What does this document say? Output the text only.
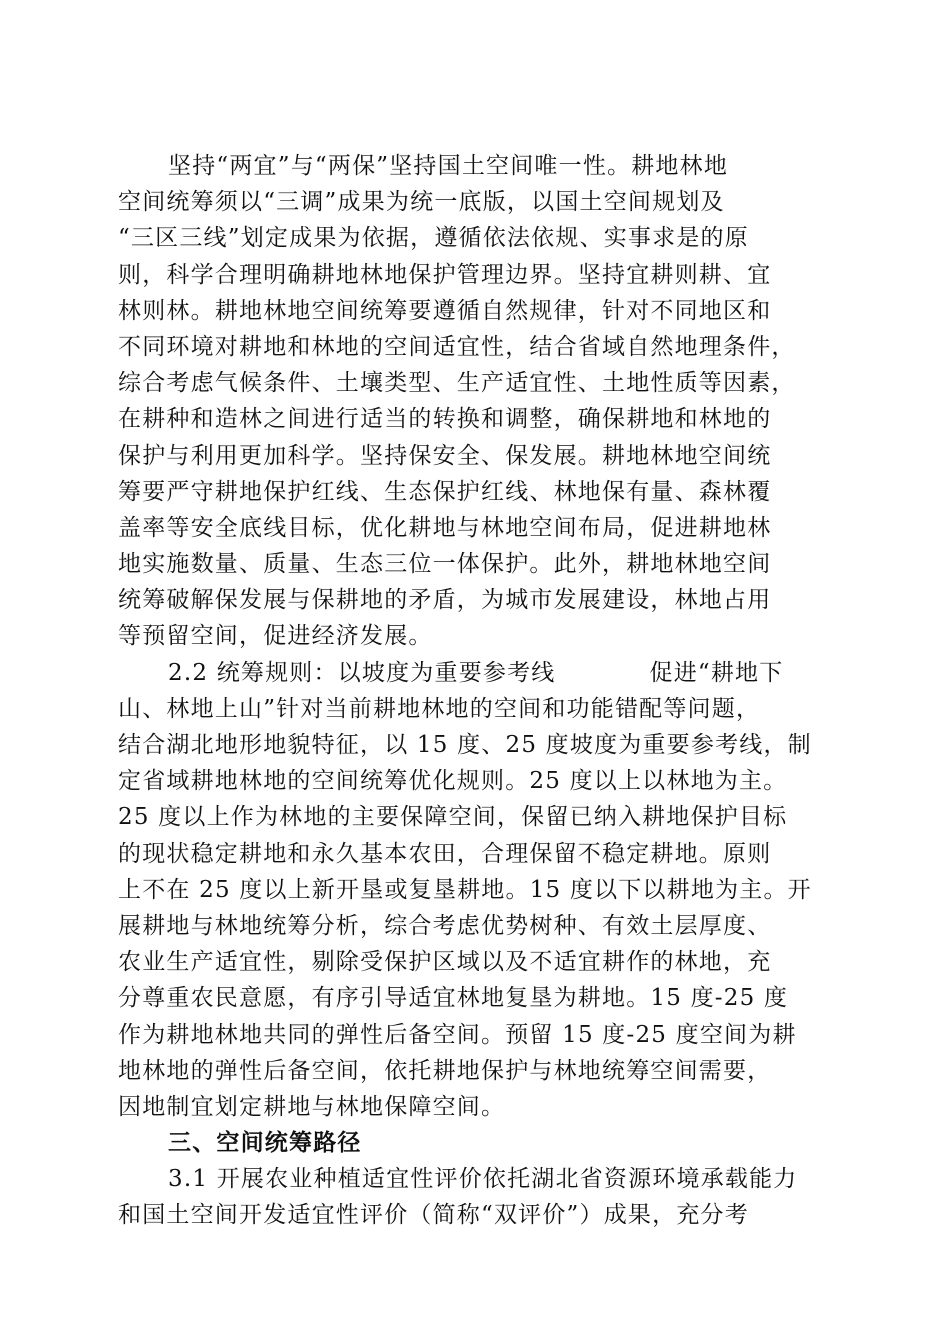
坚持“两宜”与“两保”坚持国土空间唯一性。耕地林地
空间统筹须以“三调”成果为统一底版，以国土空间规划及
“三区三线”划定成果为依据，遵循依法依规、实事求是的原
则，科学合理明确耕地林地保护管理边界。坚持宜耕则耕、宜
林则林。耕地林地空间统筹要遵循自然规律，针对不同地区和
不同环境对耕地和林地的空间适宜性，结合省域自然地理条件，
综合考虑气候条件、土壤类型、生产适宜性、土地性质等因素，
在耕种和造林之间进行适当的转换和调整，确保耕地和林地的
保护与利用更加科学。坚持保安全、保发展。耕地林地空间统
筹要严守耕地保护红线、生态保护红线、林地保有量、森林覆
盖率等安全底线目标，优化耕地与林地空间布局，促进耕地林
地实施数量、质量、生态三位一体保护。此外，耕地林地空间
统筹破解保发展与保耕地的矛盾，为城市发展建设，林地占用
等预留空间，促进经济发展。
2.2 统筹规则：以坡度为重要参考线	促进“耕地下
山、林地上山”针对当前耕地林地的空间和功能错配等问题，
结合湖北地形地貌特征，以 15 度、25 度坡度为重要参考线，制
定省域耕地林地的空间统筹优化规则。25 度以上以林地为主。
25 度以上作为林地的主要保障空间，保留已纳入耕地保护目标
的现状稳定耕地和永久基本农田，合理保留不稳定耕地。原则
上不在 25 度以上新开垦或复垦耕地。15 度以下以耕地为主。开
展耕地与林地统筹分析，综合考虑优势树种、有效土层厚度、
农业生产适宜性，剔除受保护区域以及不适宜耕作的林地，充
分尊重农民意愿，有序引导适宜林地复垦为耕地。15 度-25 度
作为耕地林地共同的弹性后备空间。预留 15 度-25 度空间为耕
地林地的弹性后备空间，依托耕地保护与林地统筹空间需要，
因地制宜划定耕地与林地保障空间。
三、空间统筹路径
3.1 开展农业种植适宜性评价依托湖北省资源环境承载能力
和国土空间开发适宜性评价（简称“双评价”）成果，充分考
